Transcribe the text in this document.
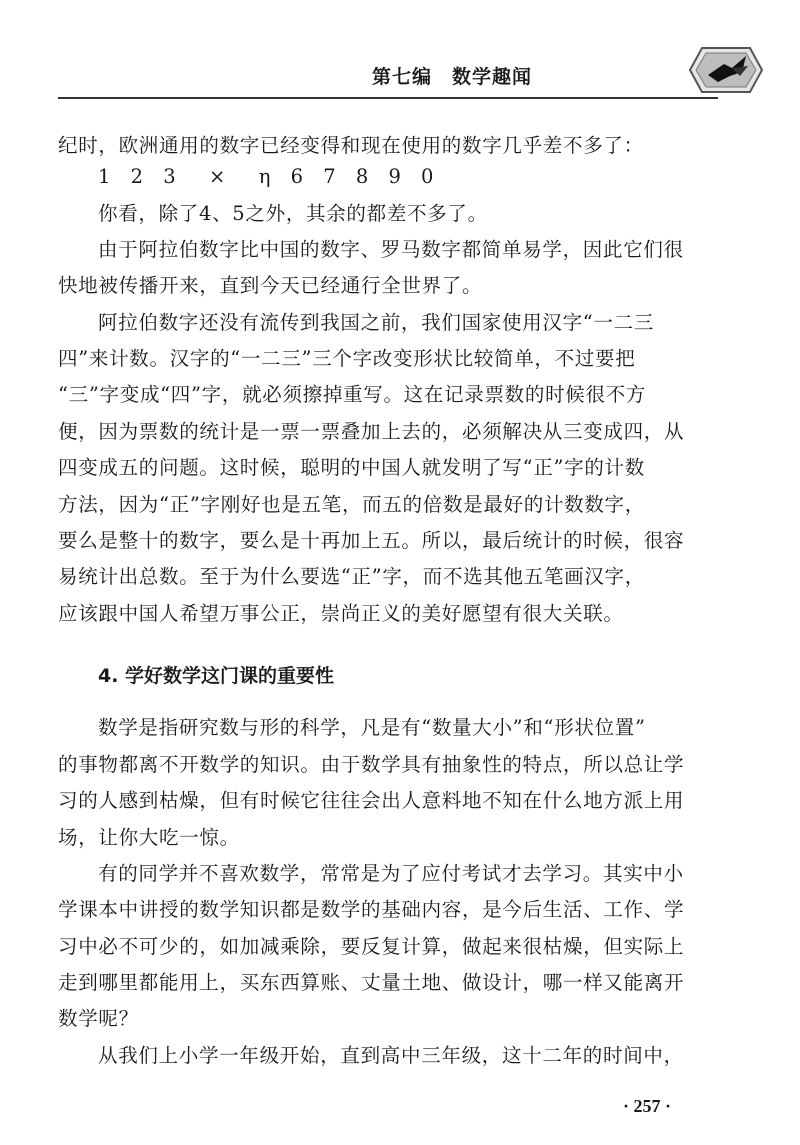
第七编　数学趣闻
纪时，欧洲通用的数字已经变得和现在使用的数字几乎差不多了：
1 2 3  ×  η 6 7 8 9 0
你看，除了4、5之外，其余的都差不多了。
由于阿拉伯数字比中国的数字、罗马数字都简单易学，因此它们很
快地被传播开来，直到今天已经通行全世界了。
阿拉伯数字还没有流传到我国之前，我们国家使用汉字“一二三
四”来计数。汉字的“一二三”三个字改变形状比较简单，不过要把
“三”字变成“四”字，就必须擦掉重写。这在记录票数的时候很不方
便，因为票数的统计是一票一票叠加上去的，必须解决从三变成四，从
四变成五的问题。这时候，聪明的中国人就发明了写“正”字的计数
方法，因为“正”字刚好也是五笔，而五的倍数是最好的计数数字，
要么是整十的数字，要么是十再加上五。所以，最后统计的时候，很容
易统计出总数。至于为什么要选“正”字，而不选其他五笔画汉字，
应该跟中国人希望万事公正，崇尚正义的美好愿望有很大关联。
4. 学好数学这门课的重要性
数学是指研究数与形的科学，凡是有“数量大小”和“形状位置”
的事物都离不开数学的知识。由于数学具有抽象性的特点，所以总让学
习的人感到枯燥，但有时候它往往会出人意料地不知在什么地方派上用
场，让你大吃一惊。
有的同学并不喜欢数学，常常是为了应付考试才去学习。其实中小
学课本中讲授的数学知识都是数学的基础内容，是今后生活、工作、学
习中必不可少的，如加减乘除，要反复计算，做起来很枯燥，但实际上
走到哪里都能用上，买东西算账、丈量土地、做设计，哪一样又能离开
数学呢？
从我们上小学一年级开始，直到高中三年级，这十二年的时间中，
· 257 ·
